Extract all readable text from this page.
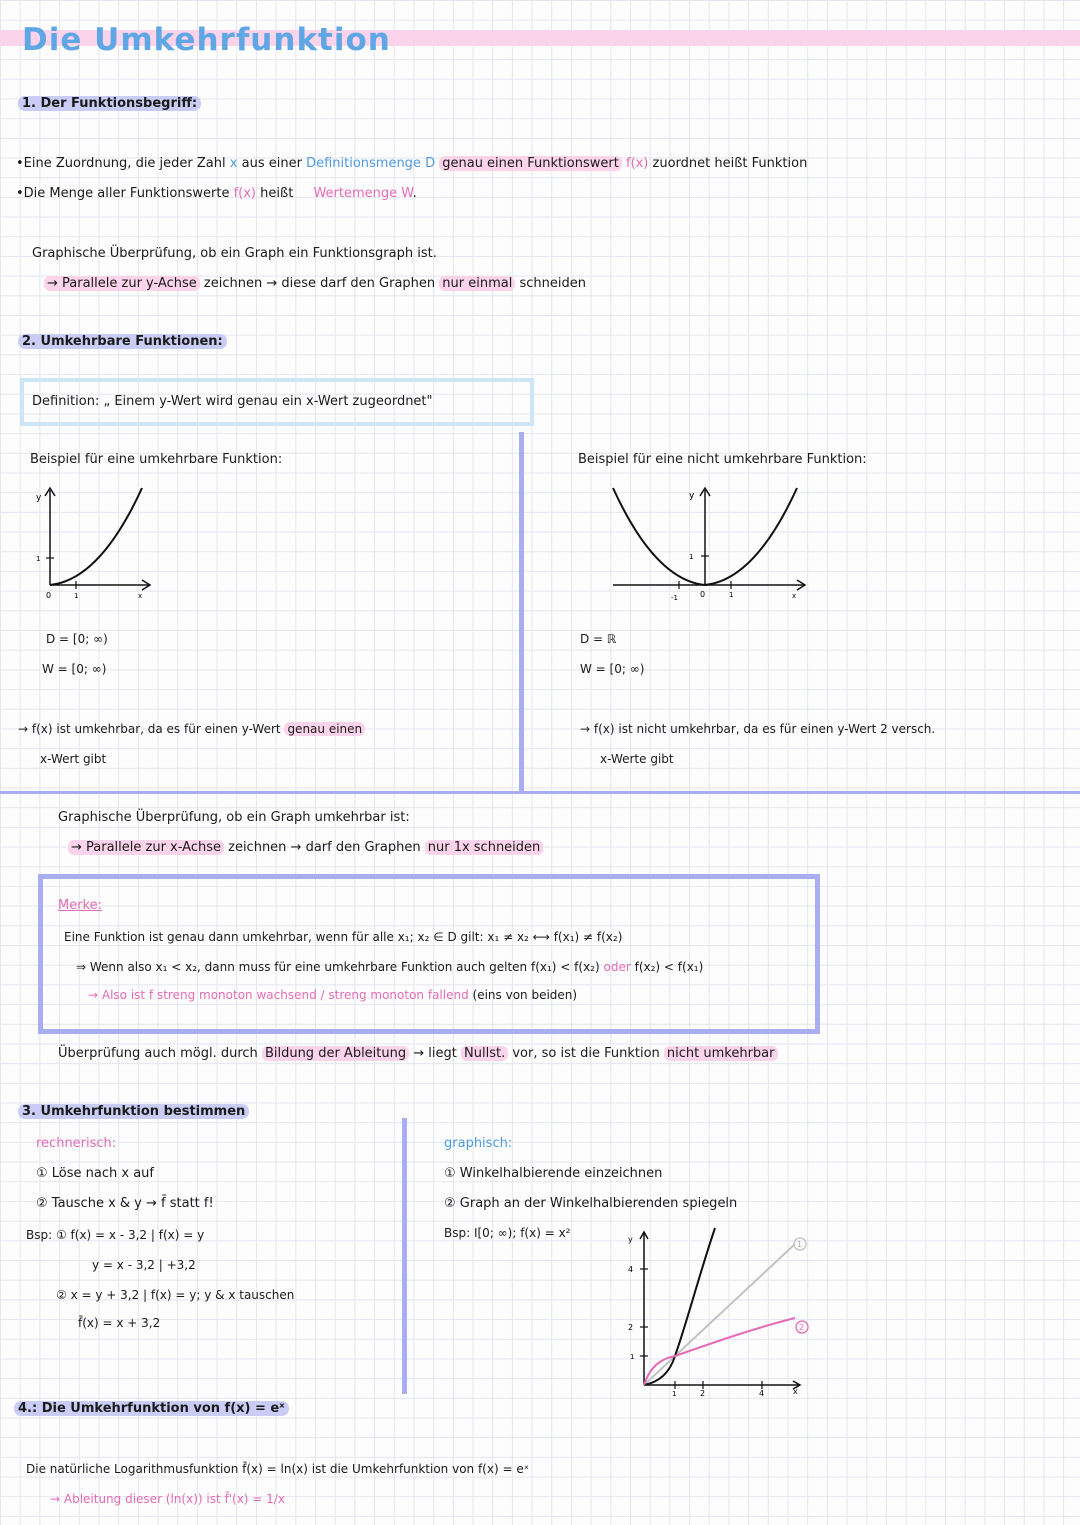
Die Umkehrfunktion
1. Der Funktionsbegriff:
•Eine Zuordnung, die jeder Zahl x aus einer Definitionsmenge D genau einen Funktionswert f(x) zuordnet heißt Funktion
•Die Menge aller Funktionswerte f(x) heißt Wertemenge W.
Graphische Überprüfung, ob ein Graph ein Funktionsgraph ist.
→ Parallele zur y-Achse zeichnen → diese darf den Graphen nur einmal schneiden
2. Umkehrbare Funktionen:
Definition: „ Einem y-Wert wird genau ein x-Wert zugeordnet"
Beispiel für eine umkehrbare Funktion:
y
1
0	1	x
D = [0; ∞)
W = [0; ∞)
→ f(x) ist umkehrbar, da es für einen y-Wert genau einen
x-Wert gibt
Beispiel für eine nicht umkehrbare Funktion:
y
1
-1	0	1	x
D = ℝ
W = [0; ∞)
→ f(x) ist nicht umkehrbar, da es für einen y-Wert 2 versch.
x-Werte gibt
Graphische Überprüfung, ob ein Graph umkehrbar ist:
→ Parallele zur x-Achse zeichnen → darf den Graphen nur 1x schneiden
Merke:
Eine Funktion ist genau dann umkehrbar, wenn für alle x₁; x₂ ∈ D gilt: x₁ ≠ x₂ ⟷ f(x₁) ≠ f(x₂)
⇒ Wenn also x₁ < x₂, dann muss für eine umkehrbare Funktion auch gelten f(x₁) < f(x₂) oder f(x₂) < f(x₁)
→ Also ist f streng monoton wachsend / streng monoton fallend (eins von beiden)
Überprüfung auch mögl. durch Bildung der Ableitung → liegt Nullst. vor, so ist die Funktion nicht umkehrbar
3. Umkehrfunktion bestimmen
rechnerisch:
① Löse nach x auf
② Tausche x & y → f̄ statt f!
Bsp: ① f(x) = x - 3,2 | f(x) = y
y = x - 3,2 | +3,2
② x = y + 3,2 | f(x) = y; y & x tauschen
f̄(x) = x + 3,2
graphisch:
① Winkelhalbierende einzeichnen
② Graph an der Winkelhalbierenden spiegeln
Bsp: I[0; ∞); f(x) = x²	y
4
2
1
1	2	4	x
1
2
4.: Die Umkehrfunktion von f(x) = eˣ
Die natürliche Logarithmusfunktion f̄(x) = ln(x) ist die Umkehrfunktion von f(x) = eˣ
→ Ableitung dieser (ln(x)) ist f̄'(x) = 1/x
